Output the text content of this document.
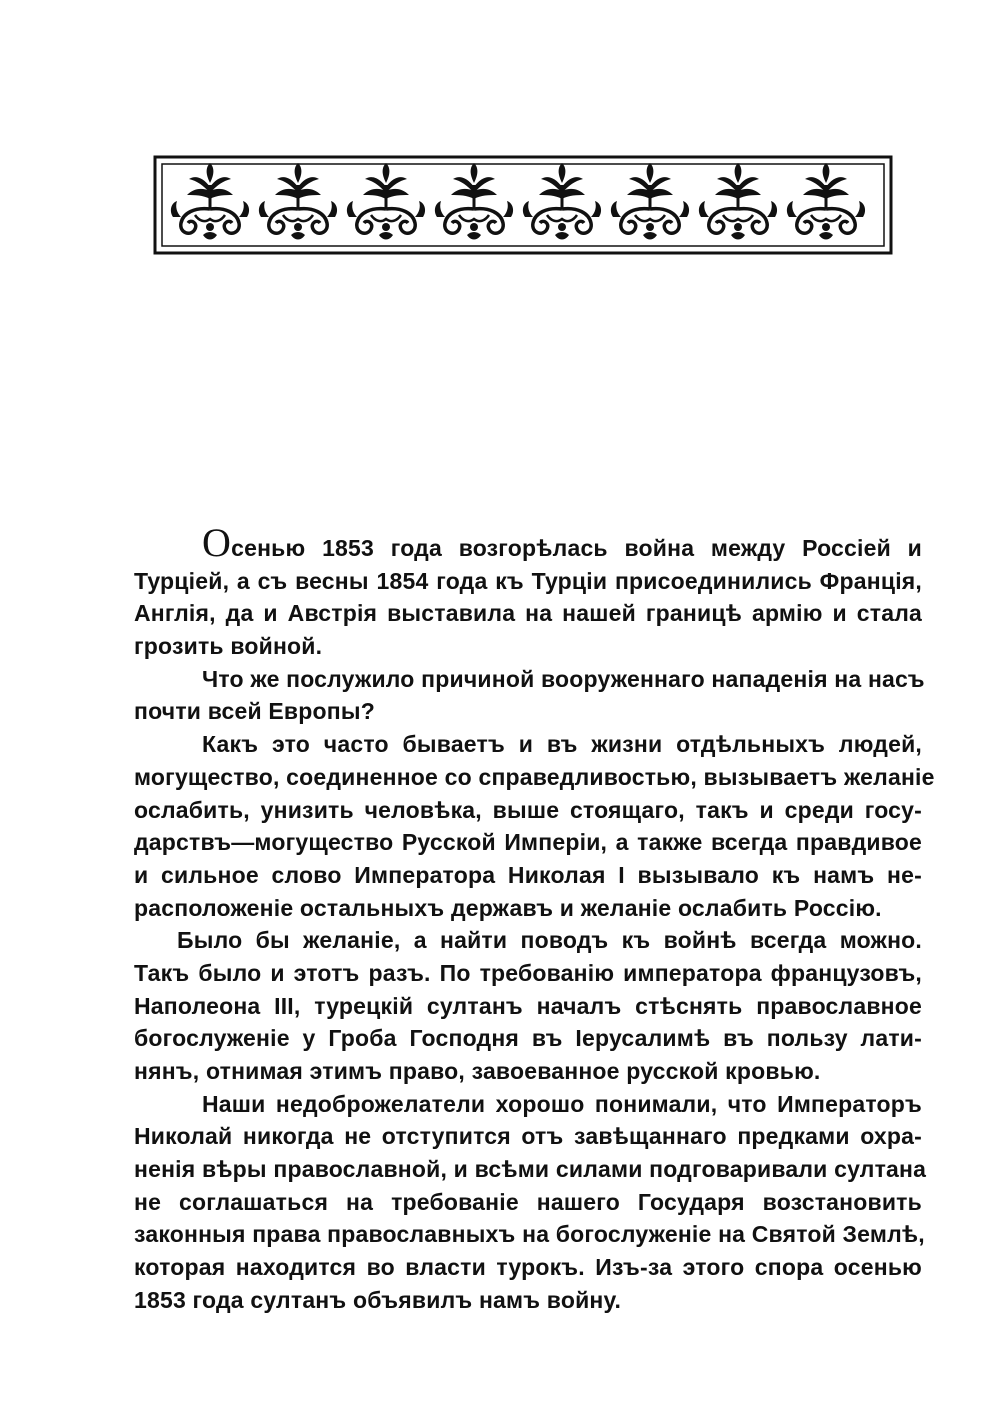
Осенью 1853 года возгорѣлась война между Россіей и
Турціей, а съ весны 1854 года къ Турціи присоединились Франція,
Англія, да и Австрія выставила на нашей границѣ армію и стала
грозить войной.
Что же послужило причиной вооруженнаго нападенія на насъ
почти всей Европы?
Какъ это часто бываетъ и въ жизни отдѣльныхъ людей,
могущество, соединенное со справедливостью, вызываетъ желаніе
ослабить, унизить человѣка, выше стоящаго, такъ и среди госу-
дарствъ—могущество Русской Имперіи, а также всегда правдивое
и сильное слово Императора Николая I вызывало къ намъ не-
расположеніе остальныхъ державъ и желаніе ослабить Россію.
Было бы желаніе, а найти поводъ къ войнѣ всегда можно.
Такъ было и этотъ разъ. По требованію императора французовъ,
Наполеона III, турецкій султанъ началъ стѣснять православное
богослуженіе у Гроба Господня въ Іерусалимѣ въ пользу лати-
нянъ, отнимая этимъ право, завоеванное русской кровью.
Наши недоброжелатели хорошо понимали, что Императоръ
Николай никогда не отступится отъ завѣщаннаго предками охра-
ненія вѣры православной, и всѣми силами подговаривали султана
не соглашаться на требованіе нашего Государя возстановить
законныя права православныхъ на богослуженіе на Святой Землѣ,
которая находится во власти турокъ. Изъ-за этого спора осенью
1853 года султанъ объявилъ намъ войну.
